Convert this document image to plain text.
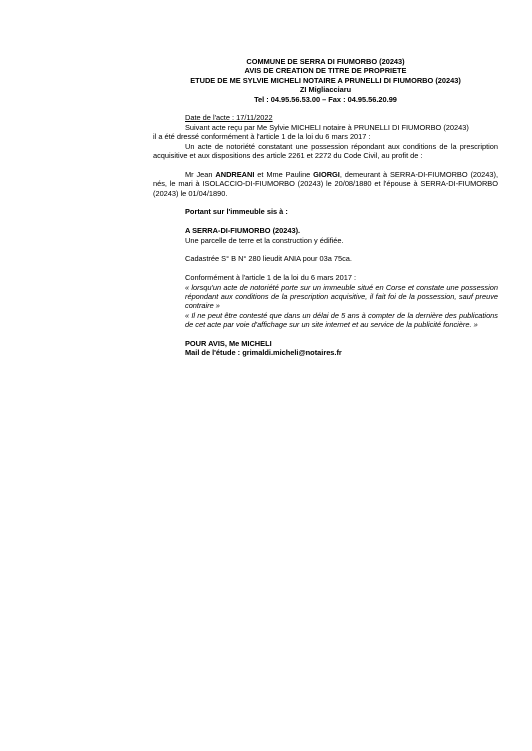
COMMUNE DE SERRA DI FIUMORBO (20243)
AVIS DE CREATION DE TITRE DE PROPRIETE
ETUDE DE ME SYLVIE MICHELI NOTAIRE A PRUNELLI DI FIUMORBO (20243)
ZI Migliacciaru
Tel : 04.95.56.53.00 – Fax : 04.95.56.20.99
Date de l'acte : 17/11/2022
Suivant acte reçu par Me Sylvie MICHELI notaire à PRUNELLI DI FIUMORBO (20243)
il a été dressé conformément à l'article 1 de la loi du 6 mars 2017 :
Un acte de notoriété constatant une possession répondant aux conditions de la prescription acquisitive et aux dispositions des article 2261 et 2272 du Code Civil, au profit de :
Mr Jean ANDREANI et Mme Pauline GIORGI, demeurant à SERRA-DI-FIUMORBO (20243), nés, le mari à ISOLACCIO-DI-FIUMORBO (20243) le 20/08/1880 et l'épouse à SERRA-DI-FIUMORBO (20243) le 01/04/1890.
Portant sur l'immeuble sis à :
A SERRA-DI-FIUMORBO (20243).
Une parcelle de terre et la construction y édifiée.
Cadastrée S° B N° 280 lieudit ANIA pour 03a 75ca.
Conformément à l'article 1 de la loi du 6 mars 2017 :
« lorsqu'un acte de notoriété porte sur un immeuble situé en Corse et constate une possession répondant aux conditions de la prescription acquisitive, il fait foi de la possession, sauf preuve contraire »
« Il ne peut être contesté que dans un délai de 5 ans à compter de la dernière des publications de cet acte par voie d'affichage sur un site internet et au service de la publicité foncière. »
POUR AVIS, Me MICHELI
Mail de l'étude : grimaldi.micheli@notaires.fr
